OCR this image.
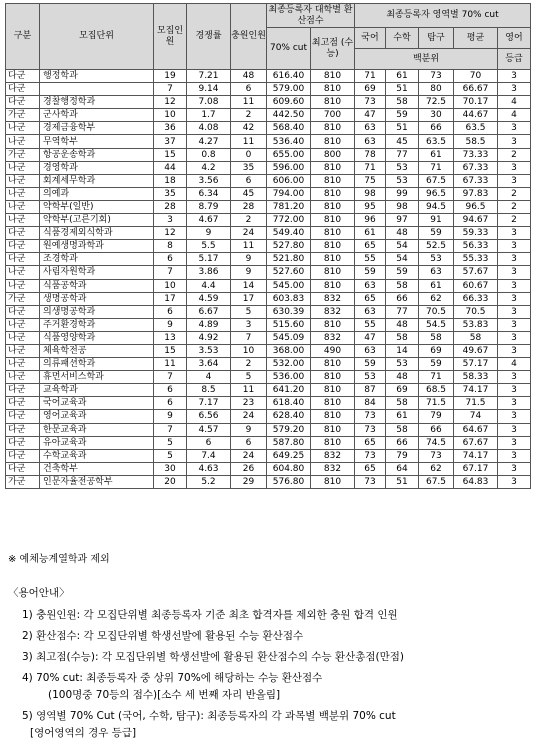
구분	모집단위	모집인원	경쟁률	충원인원	최종등록자 대학별 환산점수		최종등록자 영역별 70% cut				
					70% cut	최고점 (수능)	국어	수학	탐구	평균	영어
							백분위				등급
다군	행정학과	19	7.21	48	616.40	810	71	61	73	70	3
다군		7	9.14	6	579.00	810	69	51	80	66.67	3
다군	경찰행정학과	12	7.08	11	609.60	810	73	58	72.5	70.17	4
가군	군사학과	10	1.7	2	442.50	700	47	59	30	44.67	4
나군	경제금융학부	36	4.08	42	568.40	810	63	51	66	63.5	3
나군	무역학부	37	4.27	11	536.40	810	63	45	63.5	58.5	3
가군	항공운송학과	15	0.8	0	655.00	800	78	77	61	73.33	2
나군	경영학과	44	4.2	35	596.00	810	71	53	71	67.33	3
나군	회계세무학과	18	3.56	6	606.00	810	75	53	67.5	67.33	3
나군	의예과	35	6.34	45	794.00	810	98	99	96.5	97.83	2
나군	약학부(일반)	28	8.79	28	781.20	810	95	98	94.5	96.5	2
나군	약학부(고른기회)	3	4.67	2	772.00	810	96	97	91	94.67	2
다군	식품경제외식학과	12	9	24	549.40	810	61	48	59	59.33	3
다군	원예생명과학과	8	5.5	11	527.80	810	65	54	52.5	56.33	3
다군	조경학과	6	5.17	9	521.80	810	55	54	53	55.33	3
나군	사림자원학과	7	3.86	9	527.60	810	59	59	63	57.67	3
나군	식품공학과	10	4.4	14	545.00	810	63	58	61	60.67	3
가군	생명공학과	17	4.59	17	603.83	832	65	66	62	66.33	3
다군	의생명공학과	6	6.67	5	630.39	832	63	77	70.5	70.5	3
나군	주거환경학과	9	4.89	3	515.60	810	55	48	54.5	53.83	3
나군	식품영양학과	13	4.92	7	545.09	832	47	58	58	58	3
나군	체육학전공	15	3.53	10	368.00	490	63	14	69	49.67	3
나군	의류패션학과	11	3.64	2	532.00	810	59	53	59	57.17	4
나군	휴먼서비스학과	7	4	5	536.00	810	53	48	71	58.33	3
다군	교육학과	6	8.5	11	641.20	810	87	69	68.5	74.17	3
다군	국어교육과	6	7.17	23	618.40	810	84	58	71.5	71.5	3
다군	영어교육과	9	6.56	24	628.40	810	73	61	79	74	3
다군	한문교육과	7	4.57	9	579.20	810	73	58	66	64.67	3
다군	유아교육과	5	6	6	587.80	810	65	66	74.5	67.67	3
다군	수학교육과	5	7.4	24	649.25	832	73	79	73	74.17	3
다군	건축학부	30	4.63	26	604.80	832	65	64	62	67.17	3
가군	인문자율전공학부	20	5.2	29	576.80	810	73	51	67.5	64.83	3
※ 예체능계열학과 제외
〈용어안내〉
1) 충원인원: 각 모집단위별 최종등록자 기준 최초 합격자를 제외한 충원 합격 인원
2) 환산점수: 각 모집단위별 학생선발에 활용된 수능 환산점수
3) 최고점(수능): 각 모집단위별 학생선발에 활용된 환산점수의 수능 환산총점(만점)
4) 70% cut: 최종등록자 중 상위 70%에 해당하는 수능 환산점수
(100명중 70등의 점수)[소수 세 번째 자리 반올림]
5) 영역별 70% Cut (국어, 수학, 탐구): 최종등록자의 각 과목별 백분위 70% cut
[영어영역의 경우 등급]
